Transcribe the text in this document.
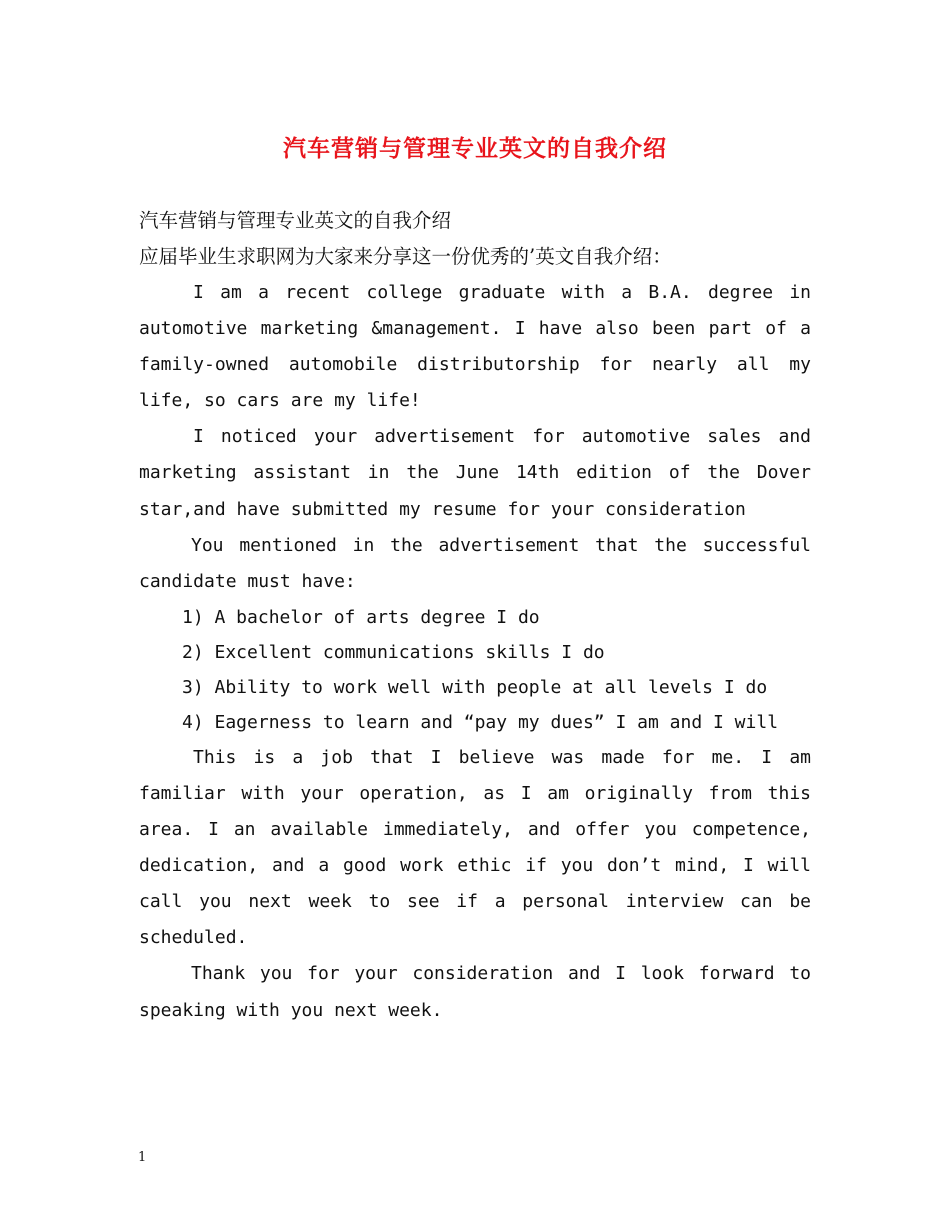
汽车营销与管理专业英文的自我介绍
汽车营销与管理专业英文的自我介绍
应届毕业生求职网为大家来分享这一份优秀的’英文自我介绍：

I am a recent college graduate with a B.A. degree in automotive marketing &management. I have also been part of a family-owned automobile distributorship for nearly all my life, so cars are my life!

I noticed your advertisement for automotive sales and marketing assistant in the June 14th edition of the Dover star,and have submitted my resume for your consideration

You mentioned in the advertisement that the successful candidate must have:

1) A bachelor of arts degree I do
2) Excellent communications skills I do
3) Ability to work well with people at all levels I do
4) Eagerness to learn and “pay my dues” I am and I will

This is a job that I believe was made for me. I am familiar with your operation, as I am originally from this area. I an available immediately, and offer you competence, dedication, and a good work ethic if you don’t mind, I will call you next week to see if a personal interview can be scheduled.

Thank you for your consideration and I look forward to speaking with you next week.

1
